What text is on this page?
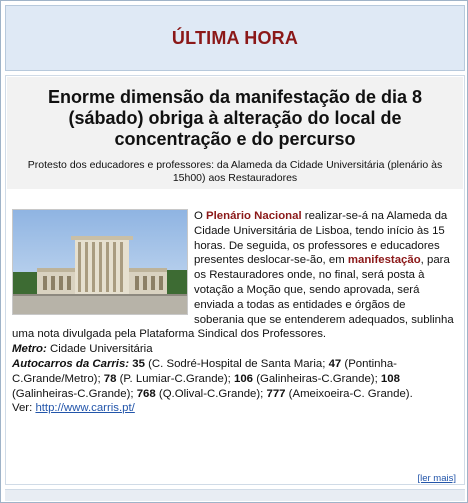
ÚLTIMA HORA
Enorme dimensão da manifestação de dia 8 (sábado) obriga à alteração do local de concentração e do percurso
Protesto dos educadores e professores: da Alameda da Cidade Universitária (plenário às 15h00) aos Restauradores
O Plenário Nacional realizar-se-á na Alameda da Cidade Universitária de Lisboa, tendo início às 15 horas. De seguida, os professores e educadores presentes deslocar-se-ão, em manifestação, para os Restauradores onde, no final, será posta à votação a Moção que, sendo aprovada, será enviada a todas as entidades e órgãos de soberania que se entenderem adequados, sublinha uma nota divulgada pela Plataforma Sindical dos Professores.
Metro: Cidade Universitária
Autocarros da Carris: 35 (C. Sodré-Hospital de Santa Maria; 47 (Pontinha-C.Grande/Metro); 78 (P. Lumiar-C.Grande); 106 (Galinheiras-C.Grande); 108 (Galinheiras-C.Grande); 768 (Q.Olival-C.Grande); 777 (Ameixoeira-C. Grande).
Ver: http://www.carris.pt/
[ler mais]
